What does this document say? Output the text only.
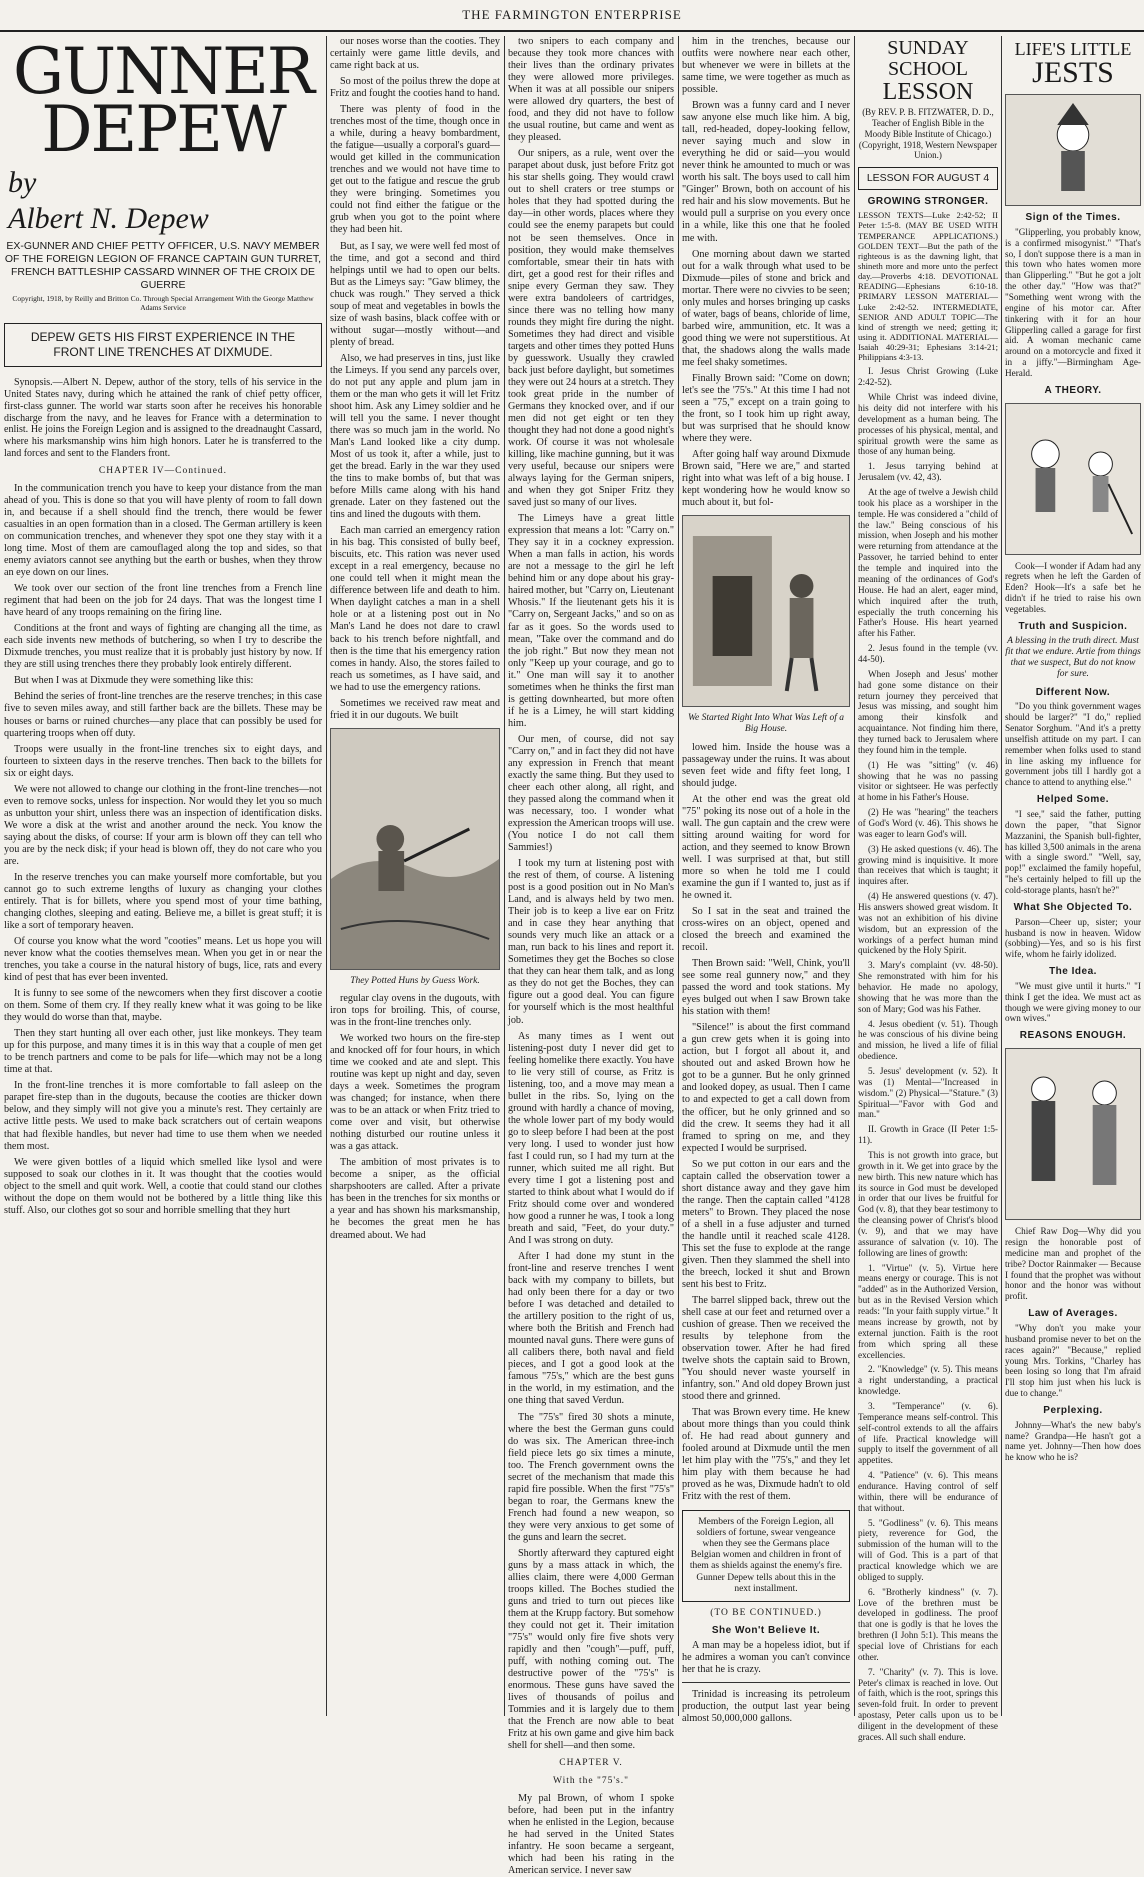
THE FARMINGTON ENTERPRISE
GUNNER
DEPEW
by
Albert N. Depew
EX-GUNNER AND CHIEF PETTY OFFICER, U.S. NAVY MEMBER OF THE FOREIGN LEGION OF FRANCE CAPTAIN GUN TURRET, FRENCH BATTLESHIP CASSARD WINNER OF THE CROIX DE GUERRE
Copyright, 1918, by Reilly and Britton Co. Through Special Arrangement With the George Matthew Adams Service
DEPEW GETS HIS FIRST EXPERIENCE IN THE FRONT LINE TRENCHES AT DIXMUDE.

Synopsis.—Albert N. Depew, author of the story, tells of his service in the United States navy, during which he attained the rank of chief petty officer, first-class gunner. The world war starts soon after he receives his honorable discharge from the navy, and he leaves for France with a determination to enlist. He joins the Foreign Legion and is assigned to the dreadnaught Cassard, where his marksmanship wins him high honors. Later he is transferred to the land forces and sent to the Flanders front.

CHAPTER IV—Continued.

In the communication trench you have to keep your distance from the man ahead of you. This is done so that you will have plenty of room to fall down in, and because if a shell should find the trench, there would be fewer casualties in an open formation than in a closed. The German artillery is keen on communication trenches, and whenever they spot one they stay with it a long time. Most of them are camouflaged along the top and sides, so that enemy aviators cannot see anything but the earth or bushes, when they throw an eye down on our lines.

We took over our section of the front line trenches from a French line regiment that had been on the job for 24 days. That was the longest time I have heard of any troops remaining on the firing line.

Conditions at the front and ways of fighting are changing all the time, as each side invents new methods of butchering, so when I try to describe the Dixmude trenches, you must realize that it is probably just history by now. If they are still using trenches there they probably look entirely different.

But when I was at Dixmude they were something like this:

Behind the series of front-line trenches are the reserve trenches; in this case five to seven miles away, and still farther back are the billets. These may be houses or barns or ruined churches—any place that can possibly be used for quartering troops when off duty.

Troops were usually in the front-line trenches six to eight days, and fourteen to sixteen days in the reserve trenches. Then back to the billets for six or eight days.

We were not allowed to change our clothing in the front-line trenches—not even to remove socks, unless for inspection. Nor would they let you so much as unbutton your shirt, unless there was an inspection of identification disks. We wore a disk at the wrist and another around the neck. You know the saying about the disks, of course: If your arm is blown off they can tell who you are by the neck disk; if your head is blown off, they do not care who you are.

In the reserve trenches you can make yourself more comfortable, but you cannot go to such extreme lengths of luxury as changing your clothes entirely. That is for billets, where you spend most of your time bathing, changing clothes, sleeping and eating. Believe me, a billet is great stuff; it is like a sort of temporary heaven.

Of course you know what the word "cooties" means. Let us hope you will never know what the cooties themselves mean. When you get in or near the trenches, you take a course in the natural history of bugs, lice, rats and every kind of pest that has ever been invented.

It is funny to see some of the newcomers when they first discover a cootie on them. Some of them cry. If they really knew what it was going to be like they would do worse than that, maybe.

Then they start hunting all over each other, just like monkeys. They team up for this purpose, and many times it is in this way that a couple of men get to be trench partners and come to be pals for life—which may not be a long time at that.

In the front-line trenches it is more comfortable to fall asleep on the parapet fire-step than in the dugouts, because the cooties are thicker down below, and they simply will not give you a minute's rest. They certainly are active little pests. We used to make back scratchers out of certain weapons that had flexible handles, but never had time to use them when we needed them most.

We were given bottles of a liquid which smelled like lysol and were supposed to soak our clothes in it. It was thought that the cooties would object to the smell and quit work. Well, a cootie that could stand our clothes without the dope on them would not be bothered by a little thing like this stuff. Also, our clothes got so sour and horrible smelling that they hurt

our noses worse than the cooties. They certainly were game little devils, and came right back at us.

So most of the poilus threw the dope at Fritz and fought the cooties hand to hand.

There was plenty of food in the trenches most of the time, though once in a while, during a heavy bombardment, the fatigue—usually a corporal's guard—would get killed in the communication trenches and we would not have time to get out to the fatigue and rescue the grub they were bringing. Sometimes you could not find either the fatigue or the grub when you got to the point where they had been hit.

But, as I say, we were well fed most of the time, and got a second and third helpings until we had to open our belts. But as the Limeys say: "Gaw blimey, the chuck was rough." They served a thick soup of meat and vegetables in bowls the size of wash basins, black coffee with or without sugar—mostly without—and plenty of bread.

Also, we had preserves in tins, just like the Limeys. If you send any parcels over, do not put any apple and plum jam in them or the man who gets it will let Fritz shoot him. Ask any Limey soldier and he will tell you the same. I never thought there was so much jam in the world. No Man's Land looked like a city dump. Most of us took it, after a while, just to get the bread. Early in the war they used the tins to make bombs of, but that was before Mills came along with his hand grenade. Later on they fastened out the tins and lined the dugouts with them.

Each man carried an emergency ration in his bag. This consisted of bully beef, biscuits, etc. This ration was never used except in a real emergency, because no one could tell when it might mean the difference between life and death to him. When daylight catches a man in a shell hole or at a listening post out in No Man's Land he does not dare to crawl back to his trench before nightfall, and then is the time that his emergency ration comes in handy. Also, the stores failed to reach us sometimes, as I have said, and we had to use the emergency rations.

Sometimes we received raw meat and fried it in our dugouts. We built

They Potted Huns by Guess Work.

regular clay ovens in the dugouts, with iron tops for broiling. This, of course, was in the front-line trenches only.

We worked two hours on the fire-step and knocked off for four hours, in which time we cooked and ate and slept. This routine was kept up night and day, seven days a week. Sometimes the program was changed; for instance, when there was to be an attack or when Fritz tried to come over and visit, but otherwise nothing disturbed our routine unless it was a gas attack.

The ambition of most privates is to become a sniper, as the official sharpshooters are called. After a private has been in the trenches for six months or a year and has shown his marksmanship, he becomes the great men he has dreamed about. We had

two snipers to each company and because they took more chances with their lives than the ordinary privates they were allowed more privileges. When it was at all possible our snipers were allowed dry quarters, the best of food, and they did not have to follow the usual routine, but came and went as they pleased.

Our snipers, as a rule, went over the parapet about dusk, just before Fritz got his star shells going. They would crawl out to shell craters or tree stumps or holes that they had spotted during the day—in other words, places where they could see the enemy parapets but could not be seen themselves. Once in position, they would make themselves comfortable, smear their tin hats with dirt, get a good rest for their rifles and snipe every German they saw. They were extra bandoleers of cartridges, since there was no telling how many rounds they might fire during the night. Sometimes they had direct and visible targets and other times they potted Huns by guesswork. Usually they crawled back just before daylight, but sometimes they were out 24 hours at a stretch. They took great pride in the number of Germans they knocked over, and if our men did not get eight or ten they thought they had not done a good night's work. Of course it was not wholesale killing, like machine gunning, but it was very useful, because our snipers were always laying for the German snipers, and when they got Sniper Fritz they saved just so many of our lives.

The Limeys have a great little expression that means a lot: "Carry on." They say it in a cockney expression. When a man falls in action, his words are not a message to the girl he left behind him or any dope about his gray-haired mother, but "Carry on, Lieutenant Whosis." If the lieutenant gets his it is "Carry on, Sergeant Jacks," and so on as far as it goes. So the words used to mean, "Take over the command and do the job right." But now they mean not only "Keep up your courage, and go to it." One man will say it to another sometimes when he thinks the first man is getting downhearted, but more often if he is a Limey, he will start kidding him.

Our men, of course, did not say "Carry on," and in fact they did not have any expression in French that meant exactly the same thing. But they used to cheer each other along, all right, and they passed along the command when it was necessary, too. I wonder what expression the American troops will use. (You notice I do not call them Sammies!)

I took my turn at listening post with the rest of them, of course. A listening post is a good position out in No Man's Land, and is always held by two men. Their job is to keep a live ear on Fritz and in case they hear anything that sounds very much like an attack or a man, run back to his lines and report it. Sometimes they get the Boches so close that they can hear them talk, and as long as they do not get the Boches, they can figure out a good deal. You can figure for yourself which is the most healthful job.

As many times as I went out listening-post duty I never did get to feeling homelike there exactly. You have to lie very still of course, as Fritz is listening, too, and a move may mean a bullet in the ribs. So, lying on the ground with hardly a chance of moving, the whole lower part of my body would go to sleep before I had been at the post very long. I used to wonder just how fast I could run, so I had my turn at the runner, which suited me all right. But every time I got a listening post and started to think about what I would do if Fritz should come over and wondered how good a runner he was, I took a long breath and said, "Feet, do your duty." And I was strong on duty.

After I had done my stunt in the front-line and reserve trenches I went back with my company to billets, but had only been there for a day or two before I was detached and detailed to the artillery position to the right of us, where both the British and French had mounted naval guns. There were guns of all calibers there, both naval and field pieces, and I got a good look at the famous "75's," which are the best guns in the world, in my estimation, and the one thing that saved Verdun.

The "75's" fired 30 shots a minute, where the best the German guns could do was six. The American three-inch field piece lets go six times a minute, too. The French government owns the secret of the mechanism that made this rapid fire possible. When the first "75's" began to roar, the Germans knew the French had found a new weapon, so they were very anxious to get some of the guns and learn the secret.

Shortly afterward they captured eight guns by a mass attack in which, the allies claim, there were 4,000 German troops killed. The Boches studied the guns and tried to turn out pieces like them at the Krupp factory. But somehow they could not get it. Their imitation "75's" would only fire five shots very rapidly and then "cough"—puff, puff, puff, with nothing coming out. The destructive power of the "75's" is enormous. These guns have saved the lives of thousands of poilus and Tommies and it is largely due to them that the French are now able to beat Fritz at his own game and give him back shell for shell—and then some.

CHAPTER V.
With the "75's."

My pal Brown, of whom I spoke before, had been put in the infantry when he enlisted in the Legion, because he had served in the United States infantry. He soon became a sergeant, which had been his rating in the American service. I never saw

him in the trenches, because our outfits were nowhere near each other, but whenever we were in billets at the same time, we were together as much as possible.

Brown was a funny card and I never saw anyone else much like him. A big, tall, red-headed, dopey-looking fellow, never saying much and slow in everything he did or said—you would never think he amounted to much or was worth his salt. The boys used to call him "Ginger" Brown, both on account of his red hair and his slow movements. But he would pull a surprise on you every once in a while, like this one that he fooled me with.

One morning about dawn we started out for a walk through what used to be Dixmude—piles of stone and brick and mortar. There were no civvies to be seen; only mules and horses bringing up casks of water, bags of beans, chloride of lime, barbed wire, ammunition, etc. It was a good thing we were not superstitious. At that, the shadows along the walls made me feel shaky sometimes.

Finally Brown said: "Come on down; let's see the '75's." At this time I had not seen a "75," except on a train going to the front, so I took him up right away, but was surprised that he should know where they were.

After going half way around Dixmude Brown said, "Here we are," and started right into what was left of a big house. I kept wondering how he would know so much about it, but fol-

We Started Right Into What Was Left of a Big House.

lowed him. Inside the house was a passageway under the ruins. It was about seven feet wide and fifty feet long, I should judge.

At the other end was the great old "75" poking its nose out of a hole in the wall. The gun captain and the crew were sitting around waiting for word for action, and they seemed to know Brown well. I was surprised at that, but still more so when he told me I could examine the gun if I wanted to, just as if he owned it.

So I sat in the seat and trained the cross-wires on an object, opened and closed the breech and examined the recoil.

Then Brown said: "Well, Chink, you'll see some real gunnery now," and they passed the word and took stations. My eyes bulged out when I saw Brown take his station with them!

"Silence!" is about the first command a gun crew gets when it is going into action, but I forgot all about it, and shouted out and asked Brown how he got to be a gunner. But he only grinned and looked dopey, as usual. Then I came to and expected to get a call down from the officer, but he only grinned and so did the crew. It seems they had it all framed to spring on me, and they expected I would be surprised.

So we put cotton in our ears and the captain called the observation tower a short distance away and they gave him the range. Then the captain called "4128 meters" to Brown. They placed the nose of a shell in a fuse adjuster and turned the handle until it reached scale 4128. This set the fuse to explode at the range given. Then they slammed the shell into the breech, locked it shut and Brown sent his best to Fritz.

The barrel slipped back, threw out the shell case at our feet and returned over a cushion of grease. Then we received the results by telephone from the observation tower. After he had fired twelve shots the captain said to Brown, "You should never waste yourself in infantry, son." And old dopey Brown just stood there and grinned.

That was Brown every time. He knew about more things than you could think of. He had read about gunnery and fooled around at Dixmude until the men let him play with the "75's," and they let him play with them because he had proved as he was, Dixmude hadn't to old Fritz with the rest of them.

Members of the Foreign Legion, all soldiers of fortune, swear vengeance when they see the Germans place Belgian women and children in front of them as shields against the enemy's fire. Gunner Depew tells about this in the next installment.
(TO BE CONTINUED.)
She Won't Believe It.

A man may be a hopeless idiot, but if he admires a woman you can't convince her that he is crazy.

Trinidad is increasing its petroleum production, the output last year being almost 50,000,000 gallons.

SUNDAY SCHOOL
LESSON
(By REV. P. B. FITZWATER, D. D., Teacher of English Bible in the Moody Bible Institute of Chicago.) (Copyright, 1918, Western Newspaper Union.)
LESSON FOR AUGUST 4
GROWING STRONGER.

LESSON TEXTS—Luke 2:42-52; II Peter 1:5-8. (MAY BE USED WITH TEMPERANCE APPLICATIONS.) GOLDEN TEXT—But the path of the righteous is as the dawning light, that shineth more and more unto the perfect day.—Proverbs 4:18. DEVOTIONAL READING—Ephesians 6:10-18. PRIMARY LESSON MATERIAL—Luke 2:42-52. INTERMEDIATE, SENIOR AND ADULT TOPIC—The kind of strength we need; getting it; using it. ADDITIONAL MATERIAL—Isaiah 40:29-31; Ephesians 3:14-21; Philippians 4:3-13.

I. Jesus Christ Growing (Luke 2:42-52).

While Christ was indeed divine, his deity did not interfere with his development as a human being. The processes of his physical, mental, and spiritual growth were the same as those of any human being.

1. Jesus tarrying behind at Jerusalem (vv. 42, 43).

At the age of twelve a Jewish child took his place as a worshiper in the temple. He was considered a "child of the law." Being conscious of his mission, when Joseph and his mother were returning from attendance at the Passover, he tarried behind to enter the temple and inquired into the meaning of the ordinances of God's House. He had an alert, eager mind, which inquired after the truth, especially the truth concerning his Father's House. His heart yearned after his Father.

2. Jesus found in the temple (vv. 44-50).

When Joseph and Jesus' mother had gone some distance on their return journey they perceived that Jesus was missing, and sought him among their kinsfolk and acquaintance. Not finding him there, they turned back to Jerusalem where they found him in the temple.

(1) He was "sitting" (v. 46) showing that he was no passing visitor or sightseer. He was perfectly at home in his Father's House.

(2) He was "hearing" the teachers of God's Word (v. 46). This shows he was eager to learn God's will.

(3) He asked questions (v. 46). The growing mind is inquisitive. It more than receives that which is taught; it inquires after.

(4) He answered questions (v. 47). His answers showed great wisdom. It was not an exhibition of his divine wisdom, but an expression of the workings of a perfect human mind quickened by the Holy Spirit.

3. Mary's complaint (vv. 48-50). She remonstrated with him for his behavior. He made no apology, showing that he was more than the son of Mary; God was his Father.

4. Jesus obedient (v. 51). Though he was conscious of his divine being and mission, he lived a life of filial obedience.

5. Jesus' development (v. 52). It was (1) Mental—"Increased in wisdom." (2) Physical—"Stature." (3) Spiritual—"Favor with God and man."

II. Growth in Grace (II Peter 1:5-11).

This is not growth into grace, but growth in it. We get into grace by the new birth. This new nature which has its source in God must be developed in order that our lives be fruitful for God (v. 8), that they bear testimony to the cleansing power of Christ's blood (v. 9), and that we may have assurance of salvation (v. 10). The following are lines of growth:

1. "Virtue" (v. 5). Virtue here means energy or courage. This is not "added" as in the Authorized Version, but as in the Revised Version which reads: "In your faith supply virtue." It means increase by growth, not by external junction. Faith is the root from which spring all these excellencies.

2. "Knowledge" (v. 5). This means a right understanding, a practical knowledge.

3. "Temperance" (v. 6). Temperance means self-control. This self-control extends to all the affairs of life. Practical knowledge will supply to itself the government of all appetites.

4. "Patience" (v. 6). This means endurance. Having control of self within, there will be endurance of that without.

5. "Godliness" (v. 6). This means piety, reverence for God, the submission of the human will to the will of God. This is a part of that practical knowledge which we are obliged to supply.

6. "Brotherly kindness" (v. 7). Love of the brethren must be developed in godliness. The proof that one is godly is that he loves the brethren (I John 5:1). This means the special love of Christians for each other.

7. "Charity" (v. 7). This is love. Peter's climax is reached in love. Out of faith, which is the root, springs this seven-fold fruit. In order to prevent apostasy, Peter calls upon us to be diligent in the development of these graces. All such shall endure.

LIFE'S LITTLE
JESTS
Sign of the Times.

"Glipperling, you probably know, is a confirmed misogynist." "That's so, I don't suppose there is a man in this town who hates women more than Glipperling." "But he got a jolt the other day." "How was that?" "Something went wrong with the engine of his motor car. After tinkering with it for an hour Glipperling called a garage for first aid. A woman mechanic came around on a motorcycle and fixed it in a jiffy."—Birmingham Age-Herald.

A THEORY.

Cook—I wonder if Adam had any regrets when he left the Garden of Eden? Hook—It's a safe bet he didn't if he tried to raise his own vegetables.

Truth and Suspicion.
A blessing in the truth direct. Must fit that we endure. Artie from things that we suspect, But do not know for sure.
Different Now.

"Do you think government wages should be larger?" "I do," replied Senator Sorghum. "And it's a pretty unselfish attitude on my part. I can remember when folks used to stand in line asking my influence for government jobs till I hardly got a chance to attend to anything else."

Helped Some.

"I see," said the father, putting down the paper, "that Signor Mazzanini, the Spanish bull-fighter, has killed 3,500 animals in the arena with a single sword." "Well, say, pop!" exclaimed the family hopeful, "he's certainly helped to fill up the cold-storage plants, hasn't he?"

What She Objected To.

Parson—Cheer up, sister; your husband is now in heaven. Widow (sobbing)—Yes, and so is his first wife, whom he fairly idolized.

The Idea.

"We must give until it hurts." "I think I get the idea. We must act as though we were giving money to our own wives."

REASONS ENOUGH.

Chief Raw Dog—Why did you resign the honorable post of medicine man and prophet of the tribe? Doctor Rainmaker — Because I found that the prophet was without honor and the honor was without profit.

Law of Averages.

"Why don't you make your husband promise never to bet on the races again?" "Because," replied young Mrs. Torkins, "Charley has been losing so long that I'm afraid I'll stop him just when his luck is due to change."

Perplexing.

Johnny—What's the new baby's name? Grandpa—He hasn't got a name yet. Johnny—Then how does he know who he is?
